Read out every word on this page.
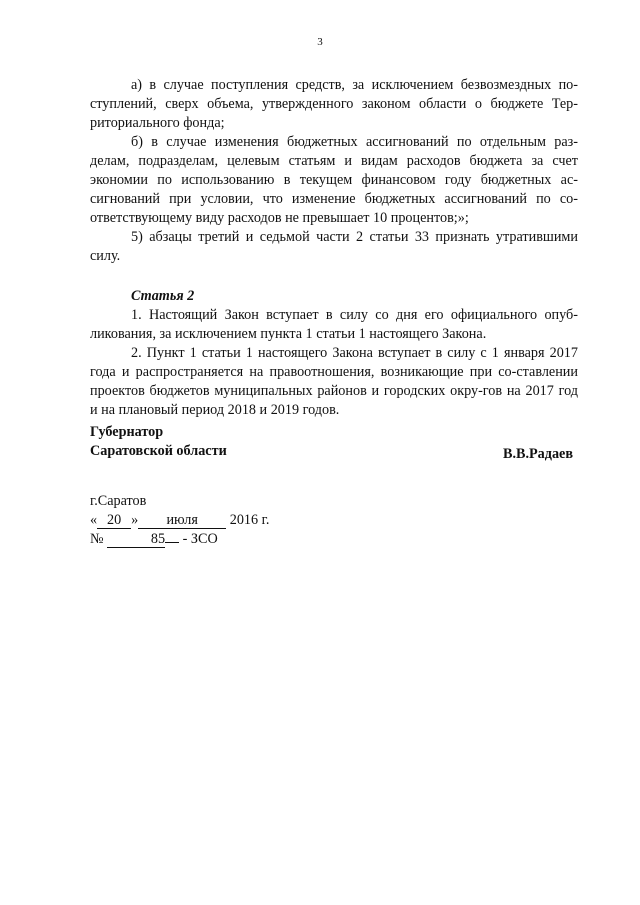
3

а) в случае поступления средств, за исключением безвозмездных по-ступлений, сверх объема, утвержденного законом области о бюджете Тер-риториального фонда;

б) в случае изменения бюджетных ассигнований по отдельным раз-делам, подразделам, целевым статьям и видам расходов бюджета за счет экономии по использованию в текущем финансовом году бюджетных ас-сигнований при условии, что изменение бюджетных ассигнований по со-ответствующему виду расходов не превышает 10 процентов;»;

5) абзацы третий и седьмой части 2 статьи 33 признать утратившими силу.

Статья 2

1. Настоящий Закон вступает в силу со дня его официального опуб-ликования, за исключением пункта 1 статьи 1 настоящего Закона.

2. Пункт 1 статьи 1 настоящего Закона вступает в силу с 1 января 2017 года и распространяется на правоотношения, возникающие при со-ставлении проектов бюджетов муниципальных районов и городских окру-гов на 2017 год и на плановый период 2018 и 2019 годов.

Губернатор
Саратовской области	В.В.Радаев
г.Саратов
« 20 » июля 2016 г.
№	85 - ЗСО
